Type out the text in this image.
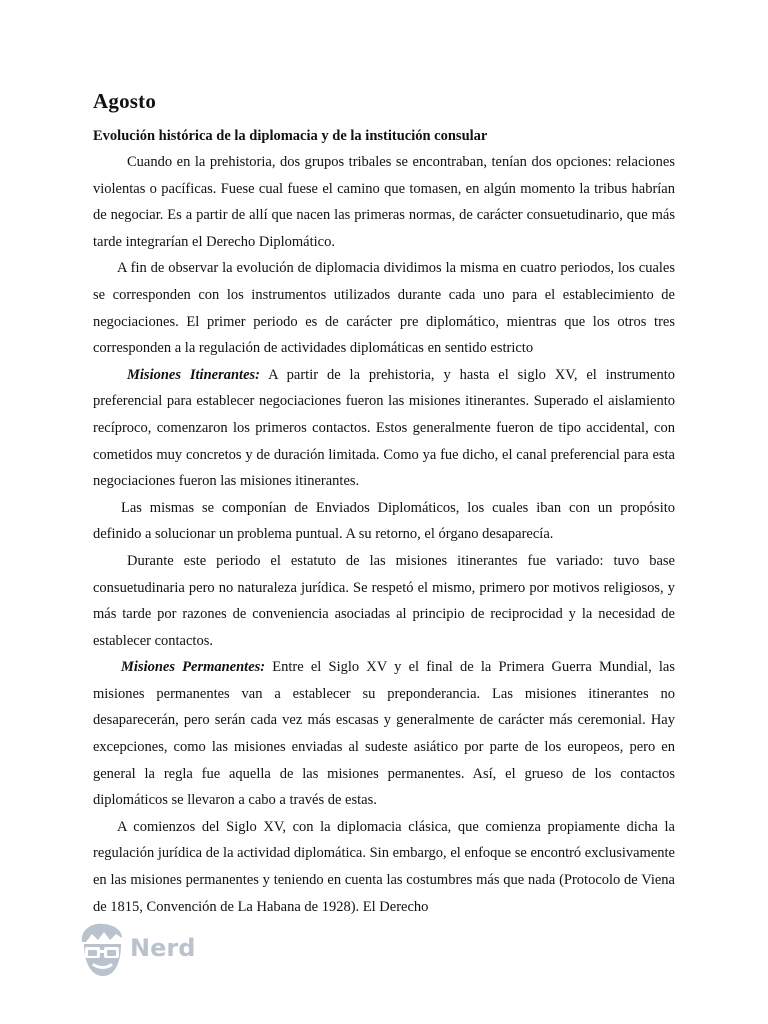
Agosto
Evolución histórica de la diplomacia y de la institución consular

Cuando en la prehistoria, dos grupos tribales se encontraban, tenían dos opciones: relaciones violentas o pacíficas. Fuese cual fuese el camino que tomasen, en algún momento la tribus habrían de negociar. Es a partir de allí que nacen las primeras normas, de carácter consuetudinario, que más tarde integrarían el Derecho Diplomático.

A fin de observar la evolución de diplomacia dividimos la misma en cuatro periodos, los cuales se corresponden con los instrumentos utilizados durante cada uno para el establecimiento de negociaciones. El primer periodo es de carácter pre diplomático, mientras que los otros tres corresponden a la regulación de actividades diplomáticas en sentido estricto

Misiones Itinerantes: A partir de la prehistoria, y hasta el siglo XV, el instrumento preferencial para establecer negociaciones fueron las misiones itinerantes. Superado el aislamiento recíproco, comenzaron los primeros contactos. Estos generalmente fueron de tipo accidental, con cometidos muy concretos y de duración limitada. Como ya fue dicho, el canal preferencial para esta negociaciones fueron las misiones itinerantes.

Las mismas se componían de Enviados Diplomáticos, los cuales iban con un propósito definido a solucionar un problema puntual. A su retorno, el órgano desaparecía.

Durante este periodo el estatuto de las misiones itinerantes fue variado: tuvo base consuetudinaria pero no naturaleza jurídica. Se respetó el mismo, primero por motivos religiosos, y más tarde por razones de conveniencia asociadas al principio de reciprocidad y la necesidad de establecer contactos.

Misiones Permanentes: Entre el Siglo XV y el final de la Primera Guerra Mundial, las misiones permanentes van a establecer su preponderancia. Las misiones itinerantes no desaparecerán, pero serán cada vez más escasas y generalmente de carácter más ceremonial. Hay excepciones, como las misiones enviadas al sudeste asiático por parte de los europeos, pero en general la regla fue aquella de las misiones permanentes. Así, el grueso de los contactos diplomáticos se llevaron a cabo a través de estas.

A comienzos del Siglo XV, con la diplomacia clásica, que comienza propiamente dicha la regulación jurídica de la actividad diplomática. Sin embargo, el enfoque se encontró exclusivamente en las misiones permanentes y teniendo en cuenta las costumbres más que nada (Protocolo de Viena de 1815, Convención de La Habana de 1928). El Derecho

Nerd
